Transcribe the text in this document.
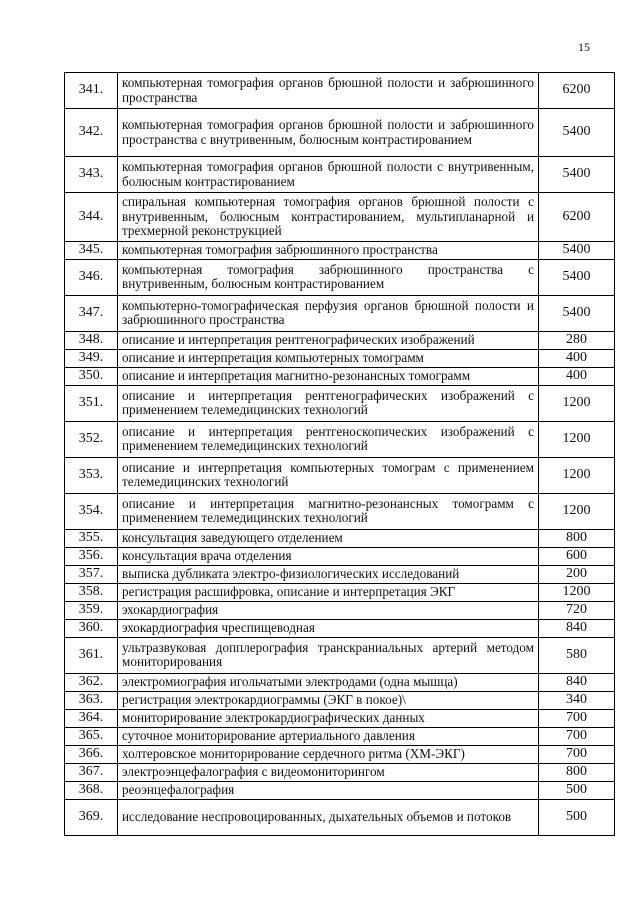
15
341.	компьютерная томография органов брюшной полости и забрюшинного пространства	6200
342.	компьютерная томография органов брюшной полости и забрюшинного пространства с внутривенным, болюсным контрастированием	5400
343.	компьютерная томография органов брюшной полости с внутривенным, болюсным контрастированием	5400
344.	спиральная компьютерная томография органов брюшной полости с внутривенным, болюсным контрастированием, мультипланарной и трехмерной реконструкцией	6200
345.	компьютерная томография забрюшинного пространства	5400
346.	компьютерная томография забрюшинного пространства с внутривенным, болюсным контрастированием	5400
347.	компьютерно-томографическая перфузия органов брюшной полости и забрюшинного пространства	5400
348.	описание и интерпретация рентгенографических изображений	280
349.	описание и интерпретация компьютерных томограмм	400
350.	описание и интерпретация магнитно-резонансных томограмм	400
351.	описание и интерпретация рентгенографических изображений с применением телемедицинских технологий	1200
352.	описание и интерпретация рентгеноскопических изображений с применением телемедицинских технологий	1200
353.	описание и интерпретация компьютерных томограм с применением телемедицинских технологий	1200
354.	описание и интерпретация магнитно-резонансных томограмм с применением телемедицинских технологий	1200
355.	консультация заведующего отделением	800
356.	консультация врача отделения	600
357.	выписка дубликата электро-физиологических исследований	200
358.	регистрация расшифровка, описание и интерпретация ЭКГ	1200
359.	эхокардиография	720
360.	эхокардиография чреспищеводная	840
361.	ультразвуковая допплерография транскраниальных артерий методом мониторирования	580
362.	электромиография игольчатыми электродами (одна мышца)	840
363.	регистрация электрокардиограммы (ЭКГ в покое)\	340
364.	мониторирование электрокардиографических данных	700
365.	суточное мониторирование артериального давления	700
366.	холтеровское мониторирование сердечного ритма (ХМ-ЭКГ)	700
367.	электроэнцефалография с видеомониторингом	800
368.	реоэнцефалография	500
369.	исследование неспровоцированных, дыхательных объемов и потоков	500
